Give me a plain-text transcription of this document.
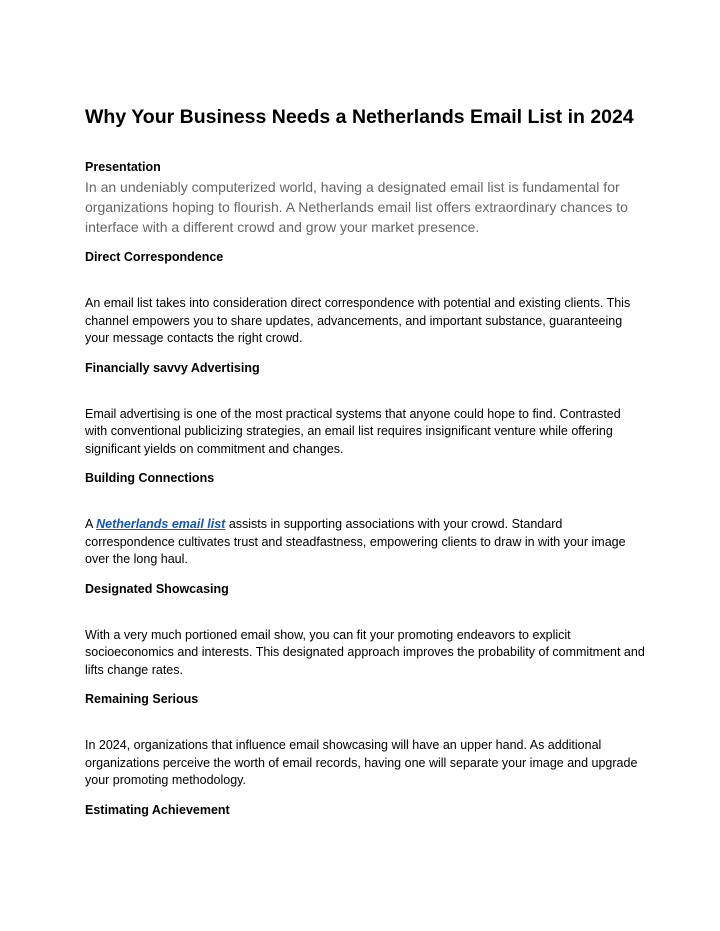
Why Your Business Needs a Netherlands Email List in 2024
Presentation
In an undeniably computerized world, having a designated email list is fundamental for organizations hoping to flourish. A Netherlands email list offers extraordinary chances to interface with a different crowd and grow your market presence.
Direct Correspondence
An email list takes into consideration direct correspondence with potential and existing clients. This channel empowers you to share updates, advancements, and important substance, guaranteeing your message contacts the right crowd.
Financially savvy Advertising
Email advertising is one of the most practical systems that anyone could hope to find. Contrasted with conventional publicizing strategies, an email list requires insignificant venture while offering significant yields on commitment and changes.
Building Connections
A Netherlands email list assists in supporting associations with your crowd. Standard correspondence cultivates trust and steadfastness, empowering clients to draw in with your image over the long haul.
Designated Showcasing
With a very much portioned email show, you can fit your promoting endeavors to explicit socioeconomics and interests. This designated approach improves the probability of commitment and lifts change rates.
Remaining Serious
In 2024, organizations that influence email showcasing will have an upper hand. As additional organizations perceive the worth of email records, having one will separate your image and upgrade your promoting methodology.
Estimating Achievement
